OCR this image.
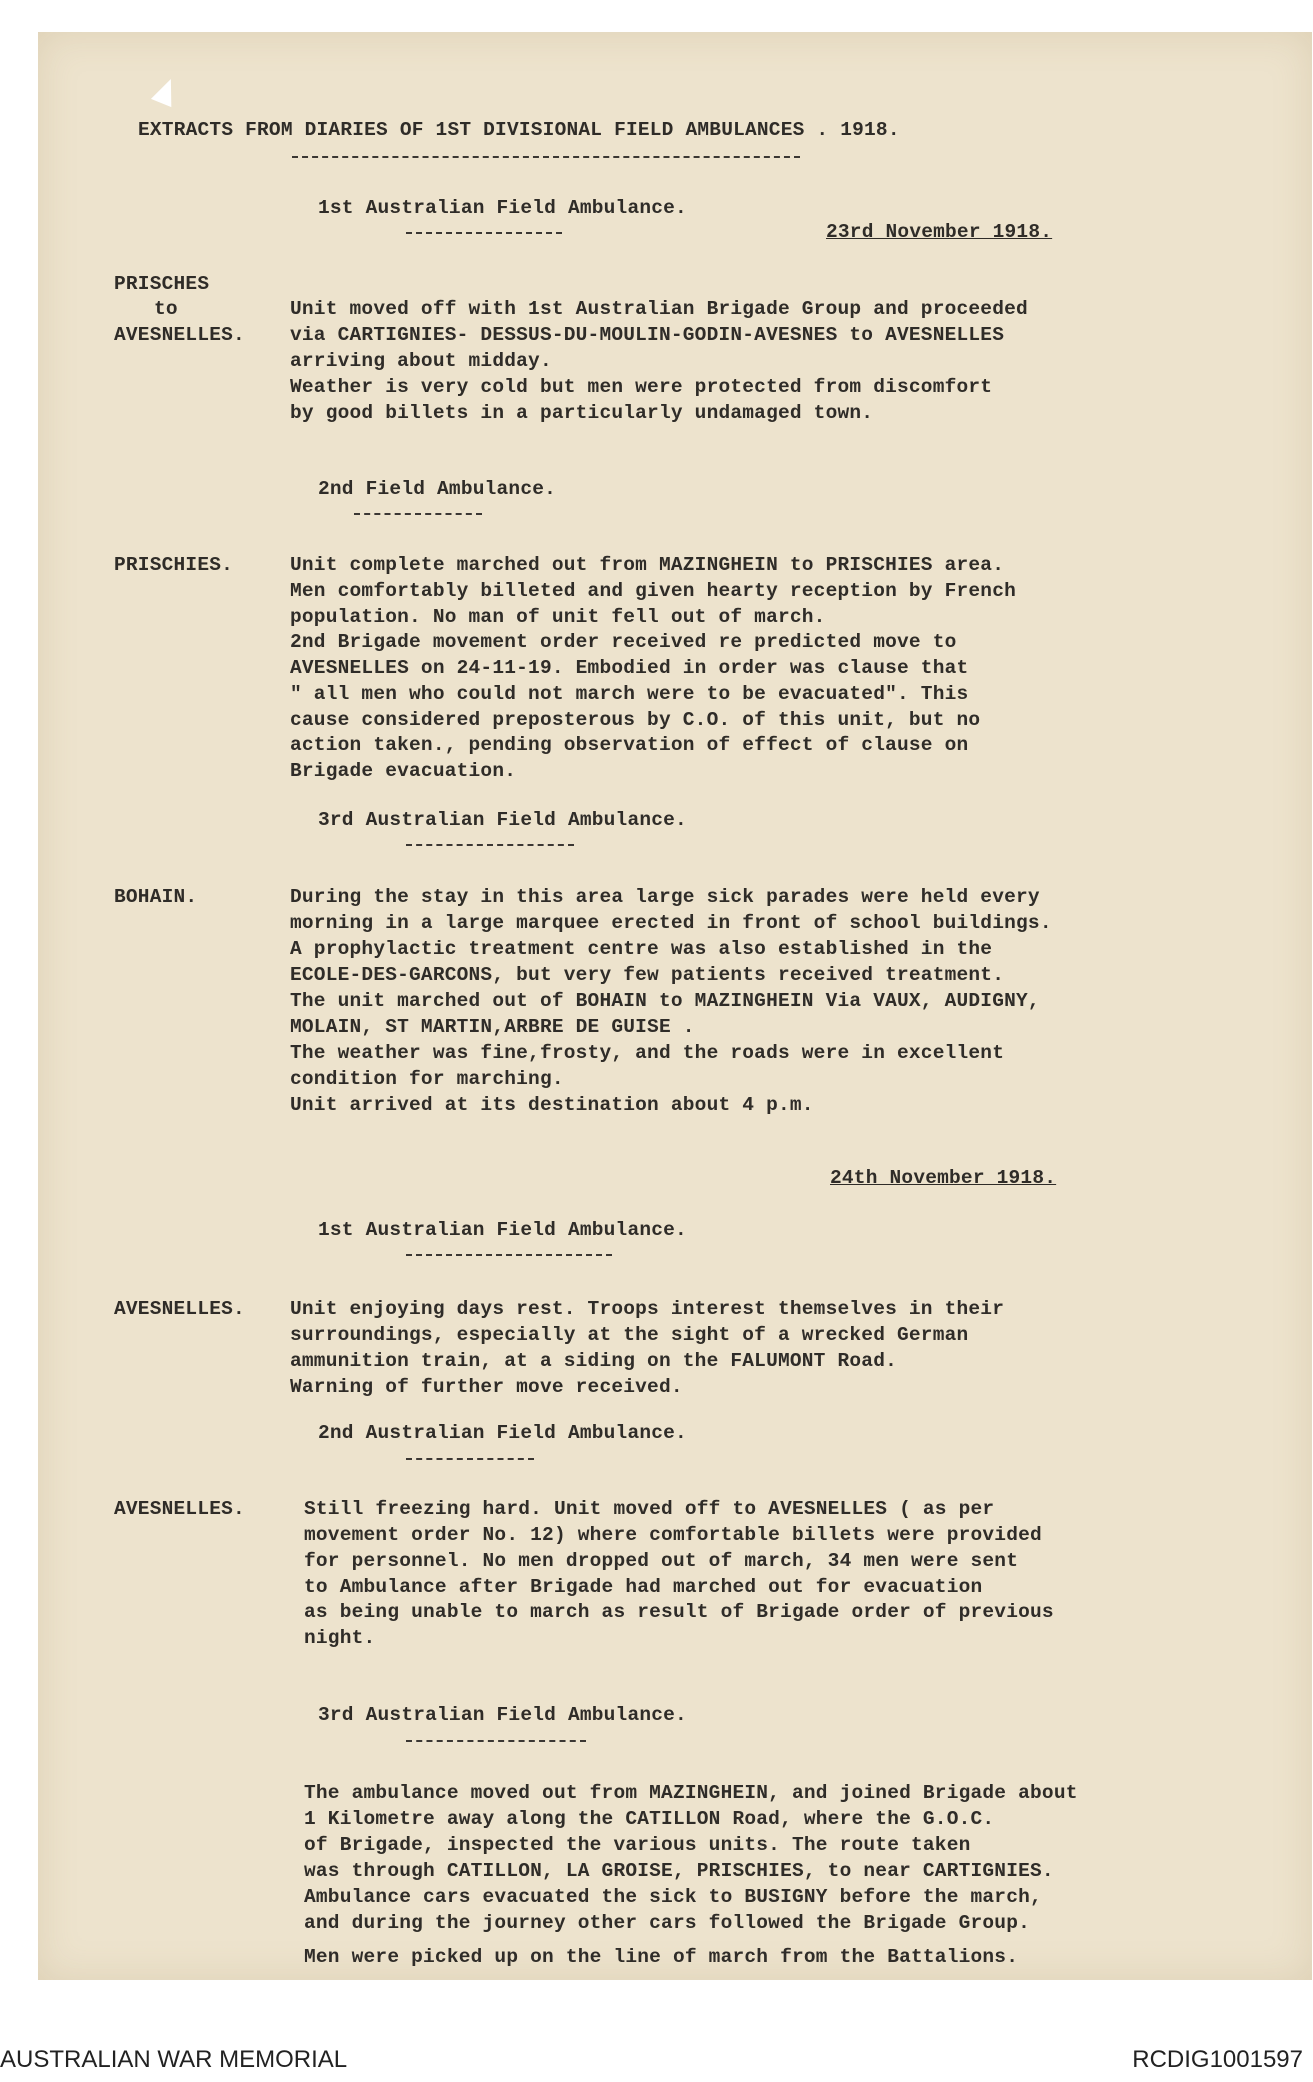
EXTRACTS FROM DIARIES OF 1ST DIVISIONAL FIELD AMBULANCES . 1918.
1st Australian Field Ambulance.
23rd November 1918.
PRISCHES
to
AVESNELLES.
Unit moved off with 1st Australian Brigade Group and proceeded
via CARTIGNIES- DESSUS-DU-MOULIN-GODIN-AVESNES to AVESNELLES
arriving about midday.
Weather is very cold but men were protected from discomfort
by good billets in a particularly undamaged town.
2nd Field Ambulance.
PRISCHIES.	Unit complete marched out from MAZINGHEIN to PRISCHIES area.
Men comfortably billeted and given hearty reception by French
population. No man of unit fell out of march.
2nd Brigade movement order received re predicted move to
AVESNELLES on 24-11-19. Embodied in order was clause that
" all men who could not march were to be evacuated". This
cause considered preposterous by C.O. of this unit, but no
action taken., pending observation of effect of clause on
Brigade evacuation.
3rd Australian Field Ambulance.
BOHAIN.	During the stay in this area large sick parades were held every
morning in a large marquee erected in front of school buildings.
A prophylactic treatment centre was also established in the
ECOLE-DES-GARCONS, but very few patients received treatment.
The unit marched out of BOHAIN to MAZINGHEIN Via VAUX, AUDIGNY,
MOLAIN, ST MARTIN,ARBRE DE GUISE .
The weather was fine,frosty, and the roads were in excellent
condition for marching.
Unit arrived at its destination about 4 p.m.
24th November 1918.
1st Australian Field Ambulance.
AVESNELLES. Unit enjoying days rest. Troops interest themselves in their
surroundings, especially at the sight of a wrecked German
ammunition train, at a siding on the FALUMONT Road.
Warning of further move received.
2nd Australian Field Ambulance.
AVESNELLES.	Still freezing hard. Unit moved off to AVESNELLES ( as per
movement order No. 12) where comfortable billets were provided
for personnel. No men dropped out of march, 34 men were sent
to Ambulance after Brigade had marched out for evacuation
as being unable to march as result of Brigade order of previous
night.
3rd Australian Field Ambulance.
The ambulance moved out from MAZINGHEIN, and joined Brigade about
1 Kilometre away along the CATILLON Road, where the G.O.C.
of Brigade, inspected the various units. The route taken
was through CATILLON, LA GROISE, PRISCHIES, to near CARTIGNIES.
Ambulance cars evacuated the sick to BUSIGNY before the march,
and during the journey other cars followed the Brigade Group.
Men were picked up on the line of march from the Battalions.
AUSTRALIAN WAR MEMORIAL	RCDIG1001597
